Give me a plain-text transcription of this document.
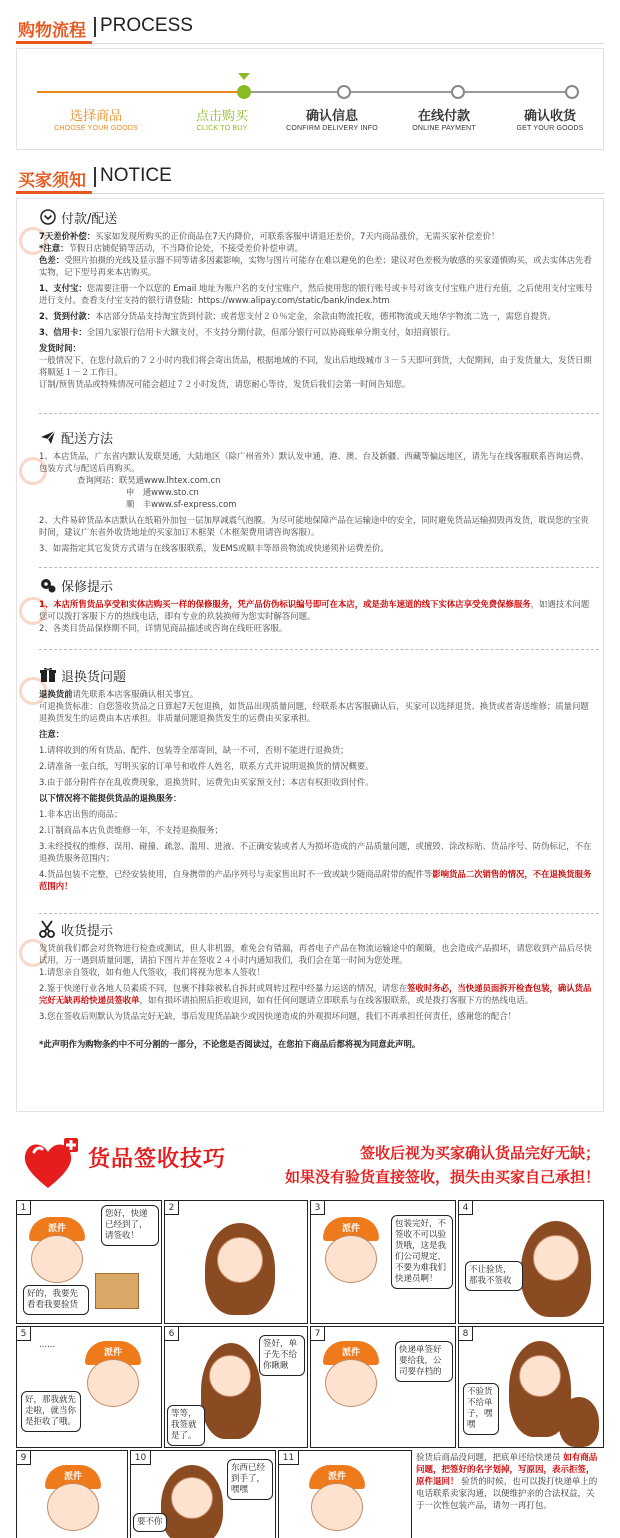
购物流程 PROCESS
选择商品
CHOOSE YOUR GOODS
点击购买
CLICK TO BUY
确认信息
CONFIRM DELIVERY INFO
在线付款
ONLINE PAYMENT
确认收货
GET YOUR GOODS
买家须知 NOTICE
付款/配送
7天差价补偿：买家如发现所购买的正价商品在7天内降价，可联系客服申请退还差价，7天内商品涨价，无需买家补偿差价！
*注意：节假日店铺促销等活动，不当降价论处，不接受差价补偿申请。
色差：受照片拍摄的光线及显示器不同等诸多因素影响，实物与图片可能存在难以避免的色差；建议对色差极为敏感的买家谨慎购买，或去实体店先看实物，记下型号再来本店购买。
1、支付宝：您需要注册一个以您的 Email 地址为账户名的支付宝账户，然后使用您的银行账号或卡号对该支付宝账户进行充值，之后使用支付宝账号进行支付。查看支付宝支持的银行请登陆：https://www.alipay.com/static/bank/index.htm
2、货到付款：本店部分货品支持淘宝货到付款；或者您支付２０％定金，余款由物流托收，德邦物流或天地华宇物流二选一，需您自提货。
3、信用卡：全国九家银行信用卡大额支付，不支持分期付款，但部分银行可以协商账单分期支付，如招商银行。
发货时间：
一般情况下，在您付款后的７２小时内我们将会寄出货品，根据地域的不同，发出后地级城市３－５天即可到货，大促期间，由于发货量大，发货日期将顺延１－２工作日。
订制/预售货品或特殊情况可能会超过７２小时发货，请您耐心等待，发货后我们会第一时间告知您。
配送方法
1、本店货品，广东省内默认发联昊通，大陆地区（除广州省外）默认发申通，港、澳、台及新疆、西藏等偏远地区，请先与在线客服联系咨询运费、包装方式与配送后再购买。
查询网站：联昊通www.lhtex.com.cn
申　通www.sto.cn
顺　丰www.sf-express.com
2、大件易碎货品本店默认在纸箱外加包一层加厚减震气泡膜。为尽可能地保障产品在运输途中的安全，同时避免货品运输损毁再发货，耽误您的宝贵时间，建议广东省外收货地址的买家加订木框架（木框架费用请咨询客服）。
3、如需指定其它发货方式请与在线客服联系，发EMS或顺丰等昂贵物流或快递须补运费差价。
保修提示
1、本店所售货品享受和实体店购买一样的保修服务，凭产品仿伪标识编号即可在本店，或是劲车速道的线下实体店享受免费保修服务，如遇技术问题您可以拨打客服下方的热线电话，即有专业的玖装换师为您实时解答问题。
2、各类目货品保修期不同，详情见商品描述或咨询在线旺旺客服。
退换货问题
退换货前请先联系本店客服确认相关事宜。
可退换货标准：自您签收货品之日算起7天包退换，如货品出现质量问题，经联系本店客服确认后，买家可以选择退货、换货或者寄送维修；质量问题退换货发生的运费由本店承担。非质量问题退换货发生的运费由买家承担。
注意：
1.请将收到的所有货品、配件、包装等全部寄回，缺一不可，否则不能进行退换货；
2.请准备一张白纸，写明买家的订单号和收件人姓名，联系方式并说明退换货的情况概要。
3.由于部分附件存在乱收费现象，退换货时，运费先由买家预支付；本店有权拒收到付件。
以下情况将不能提供货品的退换服务：
1.非本店出售的商品；
2.订制商品本店负责维修一年，不支持退换服务；
3.未经授权的维修、误用、碰撞、疏忽、滥用、进液、不正确安装或者人为损坏造成的产品质量问题，或擅毁、涂改标贴、货品序号、防伪标记，不在退换货服务范围内；
4.货品包装不完整，已经安装使用，自身携带的产品序列号与卖家售出时不一致或缺少随商品附带的配件等影响货品二次销售的情况，不在退换货服务范围内！
收货提示
发货前我们都会对货物进行检查或测试，但人非机器，难免会有错漏，再者电子产品在物流运输途中的颠簸，也会造成产品损坏，请您收到产品后尽快试用，万一遇到质量问题，请拍下图片并在签收２４小时内通知我们，我们会在第一时间为您处理。
1.请您亲自签收，如有他人代签收，我们将视为您本人签收！
2.鉴于快递行业各地人员素质不同，包裹不排除被私自拆封或周转过程中经暴力运送的情况，请您在签收时务必，当快递员面拆开检查包装，确认货品完好无缺再给快递员签收单，如有损坏请拍照后拒收退回，如有任何问题请立即联系与在线客服联系，或是拨打客服下方的热线电话。
3.您在签收后则默认为货品完好无缺，事后发现货品缺少或因快递造成的外观损坏问题，我们不再承担任何责任，感谢您的配合！
*此声明作为购物条约中不可分割的一部分，不论您是否阅读过，在您拍下商品后都将视为同意此声明。
货品签收技巧	签收后视为买家确认货品完好无缺；
如果没有验货直接签收，损失由买家自己承担！
1
派件
您好，快递已经到了，请签收！
好的，我要先看看我要验货
2	3
派件	包装完好，不签收不可以验货哦，这是我们公司规定，不要为难我们快递员啊！
4
不让验货，那我不签收
5
派件
好，那我就先走啦，就当你是拒收了哦。
......
6
签好，单子先不给你瞅瞅
等等，我签就是了。
7
派件	快递单签好要给我，公司要存档的
8
不验货不给单子，嘿嘿
9
派件
10
东西已经到手了，嘿嘿
要不你
11
派件
验货后商品没问题，把底单还给快递员 如有商品问题，把签好的名字划掉，写原因，表示拒签，原件退回！ 验货的时候，也可以拨打快递单上的电话联系卖家沟通，以便维护亲的合法权益，关于一次性包装产品，请勿一再打包。
